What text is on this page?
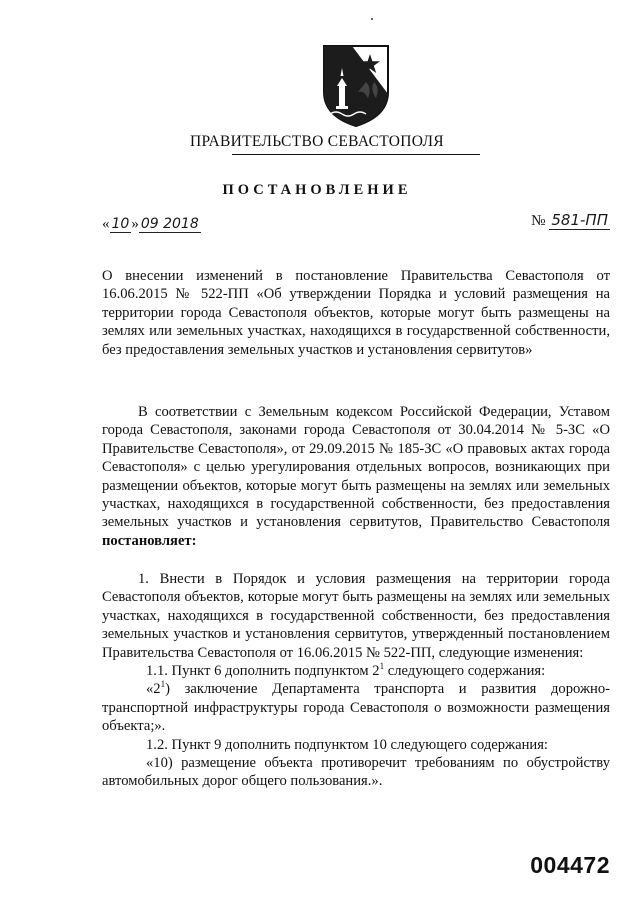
ПРАВИТЕЛЬСТВО СЕВАСТОПОЛЯ
ПОСТАНОВЛЕНИЕ
« 10 » 09 2018	№ 581-ПП

О внесении изменений в постановление Правительства Севастополя от 16.06.2015 № 522-ПП «Об утверждении Порядка и условий размещения на территории города Севастополя объектов, которые могут быть размещены на землях или земельных участках, находящихся в государственной собственности, без предоставления земельных участков и установления сервитутов»

В соответствии с Земельным кодексом Российской Федерации, Уставом города Севастополя, законами города Севастополя от 30.04.2014 № 5-ЗС «О Правительстве Севастополя», от 29.09.2015 № 185-ЗС «О правовых актах города Севастополя» с целью урегулирования отдельных вопросов, возникающих при размещении объектов, которые могут быть размещены на землях или земельных участках, находящихся в государственной собственности, без предоставления земельных участков и установления сервитутов, Правительство Севастополя постановляет:

1. Внести в Порядок и условия размещения на территории города Севастополя объектов, которые могут быть размещены на землях или земельных участках, находящихся в государственной собственности, без предоставления земельных участков и установления сервитутов, утвержденный постановлением Правительства Севастополя от 16.06.2015 № 522-ПП, следующие изменения:

1.1. Пункт 6 дополнить подпунктом $2^1$ следующего содержания:

«$2^1$) заключение Департамента транспорта и развития дорожно- транспортной инфраструктуры города Севастополя о возможности размещения объекта;».

1.2. Пункт 9 дополнить подпунктом 10 следующего содержания:

«10) размещение объекта противоречит требованиям по обустройству автомобильных дорог общего пользования.».

004472
